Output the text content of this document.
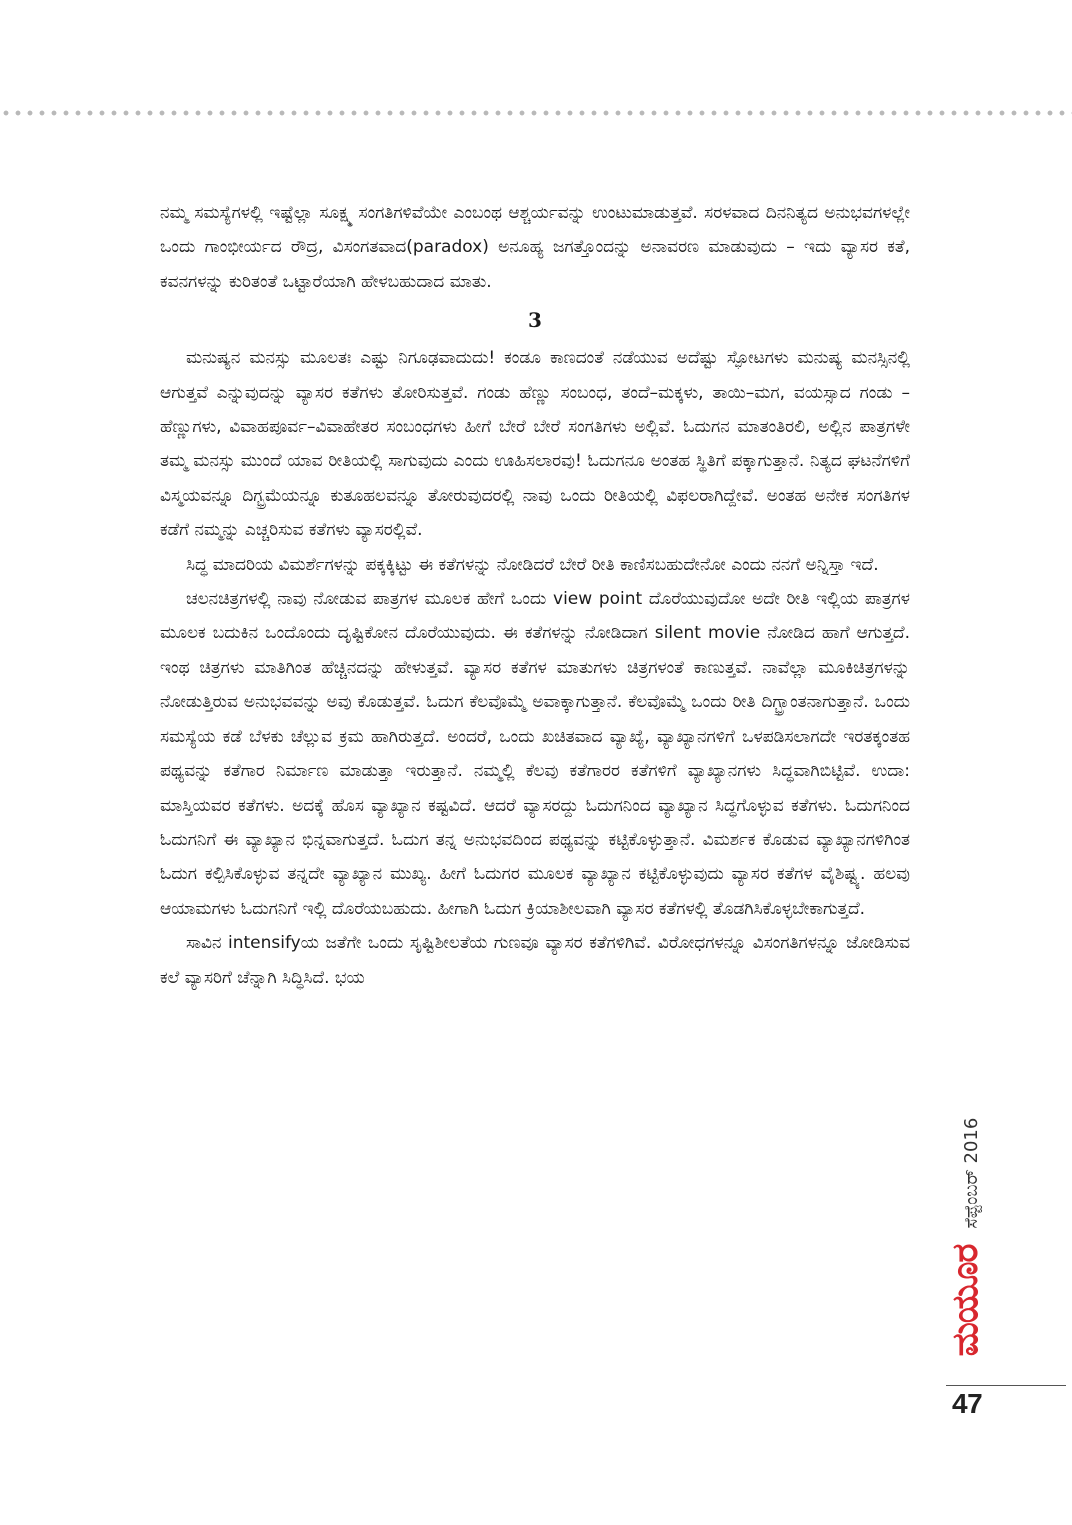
ನಮ್ಮ ಸಮಸ್ಯೆಗಳಲ್ಲಿ ಇಷ್ಟೆಲ್ಲಾ ಸೂಕ್ಷ್ಮ ಸಂಗತಿಗಳಿವೆಯೇ ಎಂಬಂಥ ಆಶ್ಚರ್ಯವನ್ನು ಉಂಟುಮಾಡುತ್ತವೆ. ಸರಳವಾದ ದಿನನಿತ್ಯದ ಅನುಭವಗಳಲ್ಲೇ ಒಂದು ಗಾಂಭೀರ್ಯದ ರೌದ್ರ, ವಿಸಂಗತವಾದ(paradox) ಅನೂಹ್ಯ ಜಗತ್ತೊಂದನ್ನು ಅನಾವರಣ ಮಾಡುವುದು – ಇದು ವ್ಯಾಸರ ಕತೆ, ಕವನಗಳನ್ನು ಕುರಿತಂತೆ ಒಟ್ಟಾರೆಯಾಗಿ ಹೇಳಬಹುದಾದ ಮಾತು.

3

ಮನುಷ್ಯನ ಮನಸ್ಸು ಮೂಲತಃ ಎಷ್ಟು ನಿಗೂಢವಾದುದು! ಕಂಡೂ ಕಾಣದಂತೆ ನಡೆಯುವ ಅದೆಷ್ಟು ಸ್ಫೋಟಗಳು ಮನುಷ್ಯ ಮನಸ್ಸಿನಲ್ಲಿ ಆಗುತ್ತವೆ ಎನ್ನುವುದನ್ನು ವ್ಯಾಸರ ಕತೆಗಳು ತೋರಿಸುತ್ತವೆ. ಗಂಡು ಹೆಣ್ಣು ಸಂಬಂಧ, ತಂದೆ–ಮಕ್ಕಳು, ತಾಯಿ–ಮಗ, ವಯಸ್ಸಾದ ಗಂಡು –ಹೆಣ್ಣುಗಳು, ವಿವಾಹಪೂರ್ವ–ವಿವಾಹೇತರ ಸಂಬಂಧಗಳು ಹೀಗೆ ಬೇರೆ ಬೇರೆ ಸಂಗತಿಗಳು ಅಲ್ಲಿವೆ. ಓದುಗನ ಮಾತಂತಿರಲಿ, ಅಲ್ಲಿನ ಪಾತ್ರಗಳೇ ತಮ್ಮ ಮನಸ್ಸು ಮುಂದೆ ಯಾವ ರೀತಿಯಲ್ಲಿ ಸಾಗುವುದು ಎಂದು ಊಹಿಸಲಾರವು! ಓದುಗನೂ ಅಂತಹ ಸ್ಥಿತಿಗೆ ಪಕ್ಕಾಗುತ್ತಾನೆ. ನಿತ್ಯದ ಘಟನೆಗಳಿಗೆ ವಿಸ್ಮಯವನ್ನೂ ದಿಗ್ಭ್ರಮೆಯನ್ನೂ ಕುತೂಹಲವನ್ನೂ ತೋರುವುದರಲ್ಲಿ ನಾವು ಒಂದು ರೀತಿಯಲ್ಲಿ ವಿಫಲರಾಗಿದ್ದೇವೆ. ಅಂತಹ ಅನೇಕ ಸಂಗತಿಗಳ ಕಡೆಗೆ ನಮ್ಮನ್ನು ಎಚ್ಚರಿಸುವ ಕತೆಗಳು ವ್ಯಾಸರಲ್ಲಿವೆ.

ಸಿದ್ಧ ಮಾದರಿಯ ವಿಮರ್ಶೆಗಳನ್ನು ಪಕ್ಕಕ್ಕಿಟ್ಟು ಈ ಕತೆಗಳನ್ನು ನೋಡಿದರೆ ಬೇರೆ ರೀತಿ ಕಾಣಿಸಬಹುದೇನೋ ಎಂದು ನನಗೆ ಅನ್ನಿಸ್ತಾ ಇದೆ.

ಚಲನಚಿತ್ರಗಳಲ್ಲಿ ನಾವು ನೋಡುವ ಪಾತ್ರಗಳ ಮೂಲಕ ಹೇಗೆ ಒಂದು view point ದೊರೆಯುವುದೋ ಅದೇ ರೀತಿ ಇಲ್ಲಿಯ ಪಾತ್ರಗಳ ಮೂಲಕ ಬದುಕಿನ ಒಂದೊಂದು ದೃಷ್ಟಿಕೋನ ದೊರೆಯುವುದು. ಈ ಕತೆಗಳನ್ನು ನೋಡಿದಾಗ silent movie ನೋಡಿದ ಹಾಗೆ ಆಗುತ್ತದೆ. ಇಂಥ ಚಿತ್ರಗಳು ಮಾತಿಗಿಂತ ಹೆಚ್ಚಿನದನ್ನು ಹೇಳುತ್ತವೆ. ವ್ಯಾಸರ ಕತೆಗಳ ಮಾತುಗಳು ಚಿತ್ರಗಳಂತೆ ಕಾಣುತ್ತವೆ. ನಾವೆಲ್ಲಾ ಮೂಕಿಚಿತ್ರಗಳನ್ನು ನೋಡುತ್ತಿರುವ ಅನುಭವವನ್ನು ಅವು ಕೊಡುತ್ತವೆ. ಓದುಗ ಕೆಲವೊಮ್ಮೆ ಅವಾಕ್ಕಾಗುತ್ತಾನೆ. ಕೆಲವೊಮ್ಮೆ ಒಂದು ರೀತಿ ದಿಗ್ಭ್ರಾಂತನಾಗುತ್ತಾನೆ. ಒಂದು ಸಮಸ್ಯೆಯ ಕಡೆ ಬೆಳಕು ಚೆಲ್ಲುವ ಕ್ರಮ ಹಾಗಿರುತ್ತದೆ. ಅಂದರೆ, ಒಂದು ಖಚಿತವಾದ ವ್ಯಾಖ್ಯೆ, ವ್ಯಾಖ್ಯಾನಗಳಿಗೆ ಒಳಪಡಿಸಲಾಗದೇ ಇರತಕ್ಕಂತಹ ಪಥ್ಯವನ್ನು ಕತೆಗಾರ ನಿರ್ಮಾಣ ಮಾಡುತ್ತಾ ಇರುತ್ತಾನೆ. ನಮ್ಮಲ್ಲಿ ಕೆಲವು ಕತೆಗಾರರ ಕತೆಗಳಿಗೆ ವ್ಯಾಖ್ಯಾನಗಳು ಸಿದ್ಧವಾಗಿಬಿಟ್ಟಿವೆ. ಉದಾ: ಮಾಸ್ತಿಯವರ ಕತೆಗಳು. ಅದಕ್ಕೆ ಹೊಸ ವ್ಯಾಖ್ಯಾನ ಕಷ್ಟವಿದೆ. ಆದರೆ ವ್ಯಾಸರದ್ದು ಓದುಗನಿಂದ ವ್ಯಾಖ್ಯಾನ ಸಿದ್ಧಗೊಳ್ಳುವ ಕತೆಗಳು. ಓದುಗನಿಂದ ಓದುಗನಿಗೆ ಈ ವ್ಯಾಖ್ಯಾನ ಭಿನ್ನವಾಗುತ್ತದೆ. ಓದುಗ ತನ್ನ ಅನುಭವದಿಂದ ಪಥ್ಯವನ್ನು ಕಟ್ಟಿಕೊಳ್ಳುತ್ತಾನೆ. ವಿಮರ್ಶಕ ಕೊಡುವ ವ್ಯಾಖ್ಯಾನಗಳಿಗಿಂತ ಓದುಗ ಕಲ್ಪಿಸಿಕೊಳ್ಳುವ ತನ್ನದೇ ವ್ಯಾಖ್ಯಾನ ಮುಖ್ಯ. ಹೀಗೆ ಓದುಗರ ಮೂಲಕ ವ್ಯಾಖ್ಯಾನ ಕಟ್ಟಿಕೊಳ್ಳುವುದು ವ್ಯಾಸರ ಕತೆಗಳ ವೈಶಿಷ್ಟ್ಯ. ಹಲವು ಆಯಾಮಗಳು ಓದುಗನಿಗೆ ಇಲ್ಲಿ ದೊರೆಯಬಹುದು. ಹೀಗಾಗಿ ಓದುಗ ಕ್ರಿಯಾಶೀಲವಾಗಿ ವ್ಯಾಸರ ಕತೆಗಳಲ್ಲಿ ತೊಡಗಿಸಿಕೊಳ್ಳಬೇಕಾಗುತ್ತದೆ.

ಸಾವಿನ intensifyಯ ಜತೆಗೇ ಒಂದು ಸೃಷ್ಟಿಶೀಲತೆಯ ಗುಣವೂ ವ್ಯಾಸರ ಕತೆಗಳಿಗಿವೆ. ವಿರೋಧಗಳನ್ನೂ ವಿಸಂಗತಿಗಳನ್ನೂ ಜೋಡಿಸುವ ಕಲೆ ವ್ಯಾಸರಿಗೆ ಚೆನ್ನಾಗಿ ಸಿದ್ಧಿಸಿದೆ. ಭಯ

ಮಯೂರ
ಸೆಪ್ಟೆಂಬರ್ 2016
47
